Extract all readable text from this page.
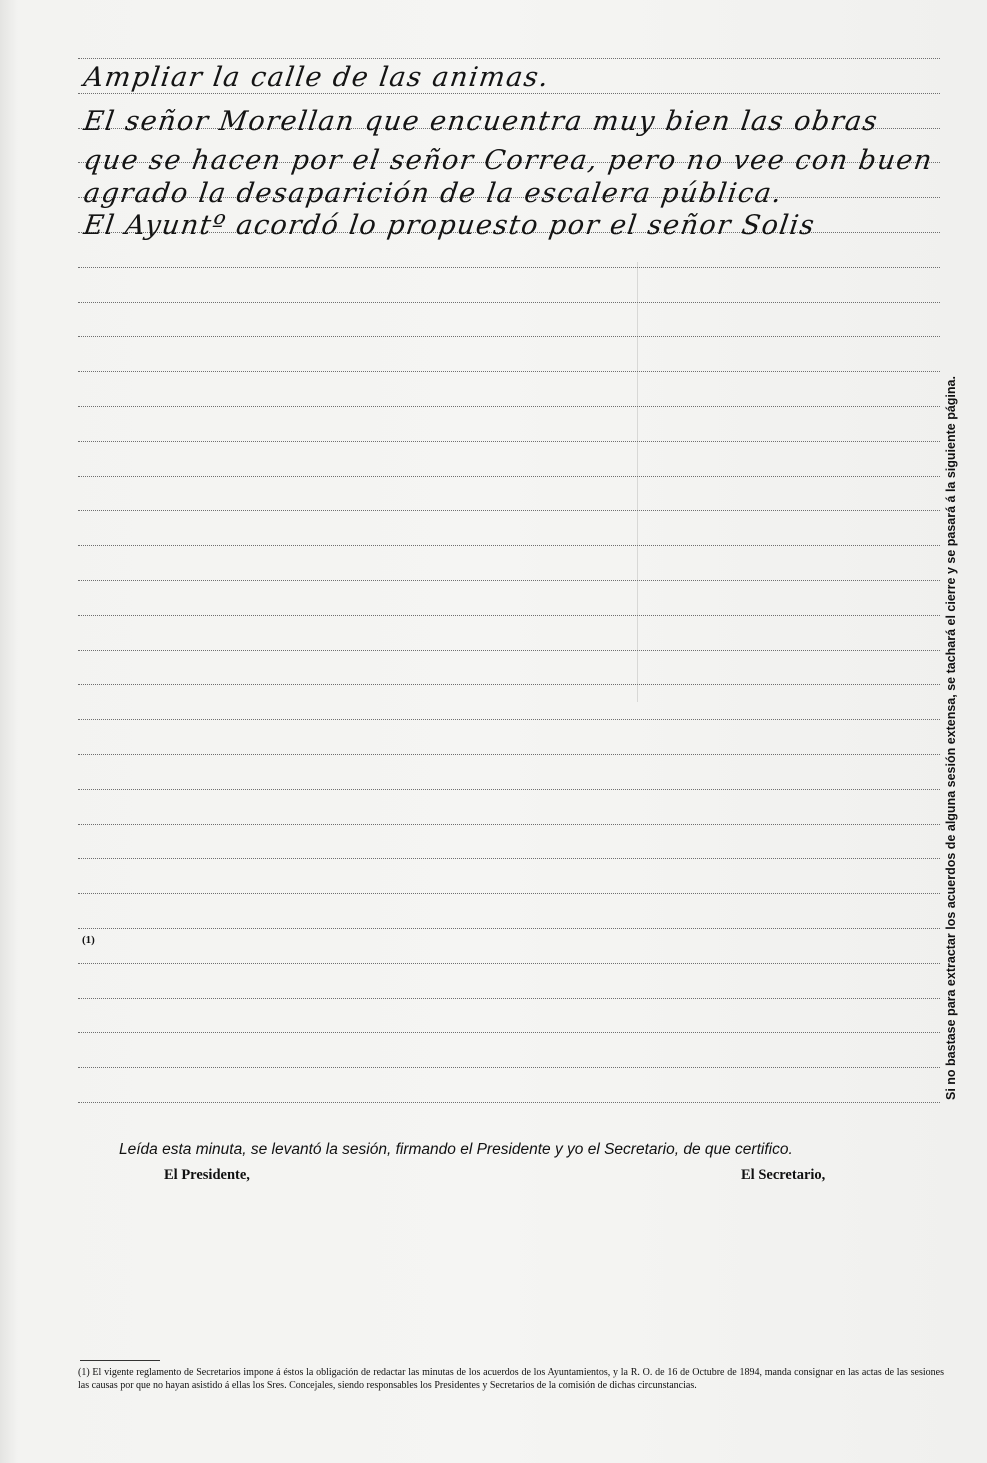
Ampliar la calle de las animas.
El señor Morellan que encuentra muy bien las obras
que se hacen por el señor Correa, pero no vee con buen
agrado la desaparición de la escalera pública.
El Ayuntº acordó lo propuesto por el señor Solis
(1)
Leída esta minuta, se levantó la sesión, firmando el Presidente y yo el Secretario, de que certifico.
El Presidente,	El Secretario,
(1) El vigente reglamento de Secretarios impone á éstos la obligación de redactar las minutas de los acuerdos de los Ayuntamientos, y la R. O. de 16 de Octubre de 1894, manda consignar en las actas de las sesiones las causas por que no hayan asistido á ellas los Sres. Concejales, siendo responsables los Presidentes y Secretarios de la comisión de dichas circunstancias.
Si no bastase para extractar los acuerdos de alguna sesión extensa, se tachará el cierre y se pasará á la siguiente página.
